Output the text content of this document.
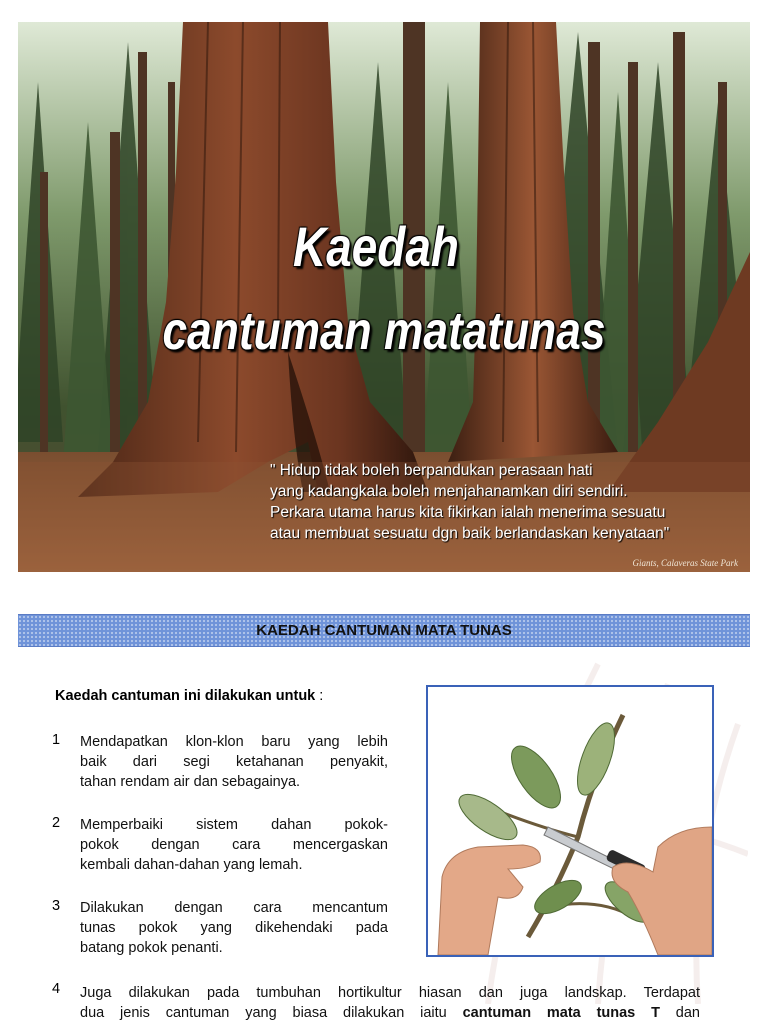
Kaedah
cantuman matatunas
" Hidup tidak boleh berpandukan perasaan hati
yang kadangkala boleh menjahanamkan diri sendiri.
Perkara utama harus kita fikirkan ialah menerima sesuatu
atau membuat sesuatu dgn baik berlandaskan kenyataan"
Giants, Calaveras State Park
KAEDAH CANTUMAN MATA TUNAS
Kaedah cantuman ini dilakukan untuk :
1 Mendapatkan klon-klon baru yang lebih
baik dari segi ketahanan penyakit,
tahan rendam air dan sebagainya.
2 Memperbaiki sistem dahan pokok-
pokok dengan cara mencergaskan
kembali dahan-dahan yang lemah.
3 Dilakukan dengan cara mencantum
tunas pokok yang dikehendaki pada
batang pokok penanti.
4 Juga dilakukan pada tumbuhan hortikultur hiasan dan juga landskap. Terdapat
dua jenis cantuman yang biasa dilakukan iaitu cantuman mata tunas T dan
